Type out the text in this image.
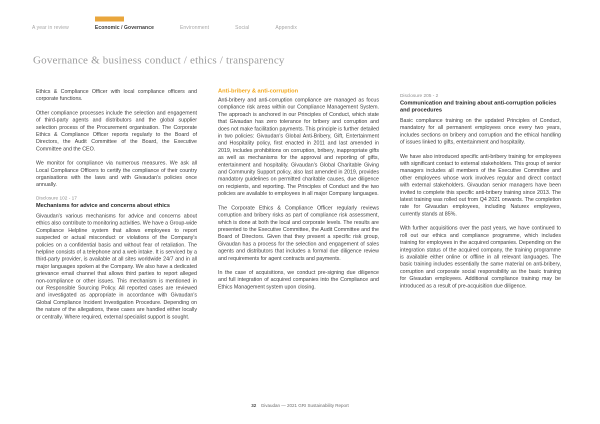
A year in review	Economic / Governance	Environment	Social	Appendix
Governance & business conduct / ethics / transparency
Ethics & Compliance Officer with local compliance officers and corporate functions.
Other compliance processes include the selection and engagement of third-party agents and distributors and the global supplier selection process of the Procurement organisation. The Corporate Ethics & Compliance Officer reports regularly to the Board of Directors, the Audit Committee of the Board, the Executive Committee and the CEO.
We monitor for compliance via numerous measures. We ask all Local Compliance Officers to certify the compliance of their country organisations with the laws and with Givaudan's policies once annually.
Disclosure 102 - 17
Mechanisms for advice and concerns about ethics
Givaudan's various mechanisms for advice and concerns about ethics also contribute to monitoring activities. We have a Group-wide Compliance Helpline system that allows employees to report suspected or actual misconduct or violations of the Company's policies on a confidential basis and without fear of retaliation. The helpline consists of a telephone and a web intake. It is serviced by a third-party provider, is available at all sites worldwide 24/7 and in all major languages spoken at the Company. We also have a dedicated grievance email channel that allows third parties to report alleged non-compliance or other issues. This mechanism is mentioned in our Responsible Sourcing Policy. All reported cases are reviewed and investigated as appropriate in accordance with Givaudan's Global Compliance Incident Investigation Procedure. Depending on the nature of the allegations, these cases are handled either locally or centrally. Where required, external specialist support is sought.
Anti-bribery & anti-corruption
Anti-bribery and anti-corruption compliance are managed as focus compliance risk areas within our Compliance Management System. The approach is anchored in our Principles of Conduct, which state that Givaudan has zero tolerance for bribery and corruption and does not make facilitation payments. This principle is further detailed in two policies: Givaudan's Global Anti-Bribery, Gift, Entertainment and Hospitality policy, first enacted in 2011 and last amended in 2019, includes prohibitions on corruption, bribery, inappropriate gifts as well as mechanisms for the approval and reporting of gifts, entertainment and hospitality. Givaudan's Global Charitable Giving and Community Support policy, also last amended in 2019, provides mandatory guidelines on permitted charitable causes, due diligence on recipients, and reporting. The Principles of Conduct and the two policies are available to employees in all major Company languages.
The Corporate Ethics & Compliance Officer regularly reviews corruption and bribery risks as part of compliance risk assessment, which is done at both the local and corporate levels. The results are presented to the Executive Committee, the Audit Committee and the Board of Directors. Given that they present a specific risk group, Givaudan has a process for the selection and engagement of sales agents and distributors that includes a formal due diligence review and requirements for agent contracts and payments.
In the case of acquisitions, we conduct pre-signing due diligence and full integration of acquired companies into the Compliance and Ethics Management system upon closing.
Disclosure 205 - 2
Communication and training about anti-corruption policies and procedures
Basic compliance training on the updated Principles of Conduct, mandatory for all permanent employees once every two years, includes sections on bribery and corruption and the ethical handling of issues linked to gifts, entertainment and hospitality.
We have also introduced specific anti-bribery training for employees with significant contact to external stakeholders. This group of senior managers includes all members of the Executive Committee and other employees whose work involves regular and direct contact with external stakeholders. Givaudan senior managers have been invited to complete this specific anti-bribery training since 2013. The latest training was rolled out from Q4 2021 onwards. The completion rate for Givaudan employees, including Naturex employees, currently stands at 85%.
With further acquisitions over the past years, we have continued to roll out our ethics and compliance programme, which includes training for employees in the acquired companies. Depending on the integration status of the acquired company, the training programme is available either online or offline in all relevant languages. The basic training includes essentially the same material on anti-bribery, corruption and corporate social responsibility as the basic training for Givaudan employees. Additional compliance training may be introduced as a result of pre-acquisition due diligence.
32 Givaudan — 2021 GRI Sustainability Report
